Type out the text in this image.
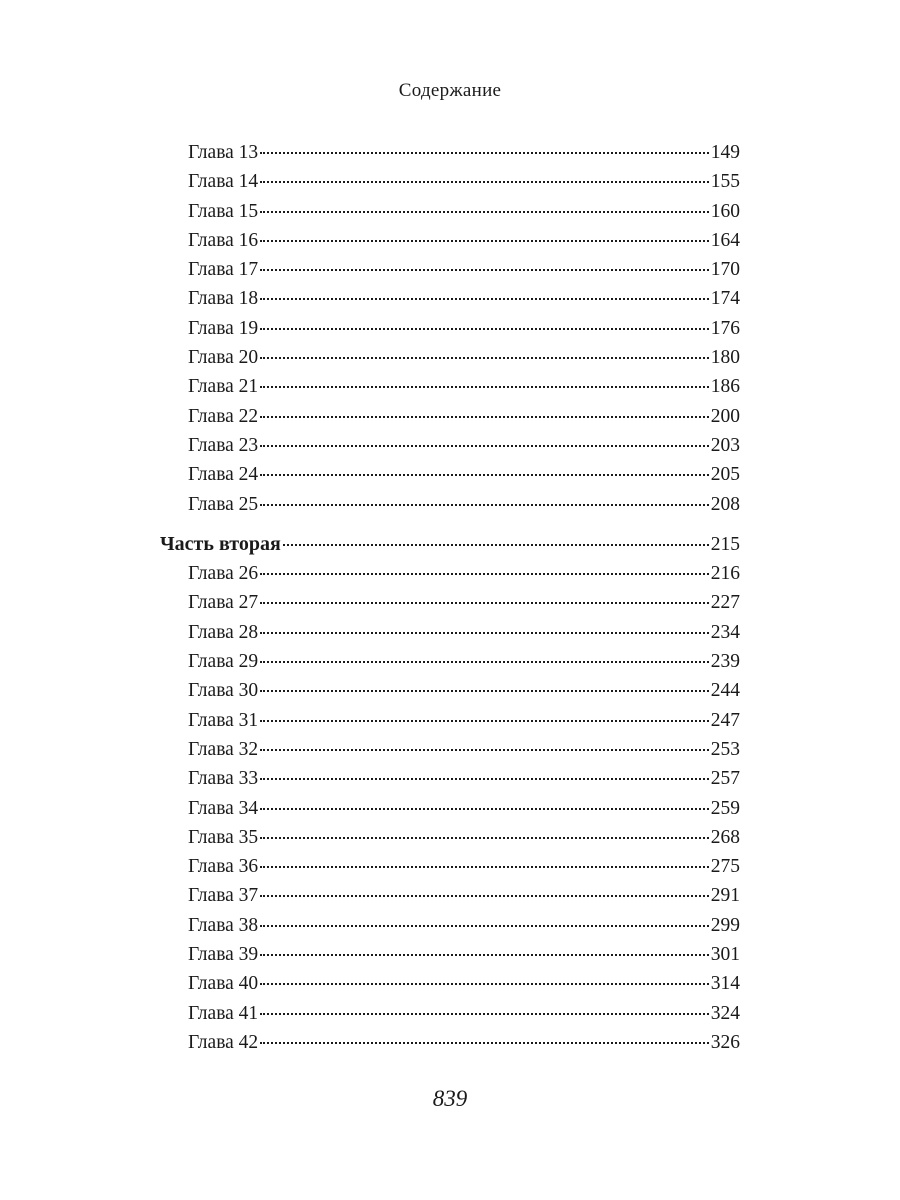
Содержание
Глава 13	149
Глава 14	155
Глава 15	160
Глава 16	164
Глава 17	170
Глава 18	174
Глава 19	176
Глава 20	180
Глава 21	186
Глава 22	200
Глава 23	203
Глава 24	205
Глава 25	208
Часть вторая	215
Глава 26	216
Глава 27	227
Глава 28	234
Глава 29	239
Глава 30	244
Глава 31	247
Глава 32	253
Глава 33	257
Глава 34	259
Глава 35	268
Глава 36	275
Глава 37	291
Глава 38	299
Глава 39	301
Глава 40	314
Глава 41	324
Глава 42	326
839
